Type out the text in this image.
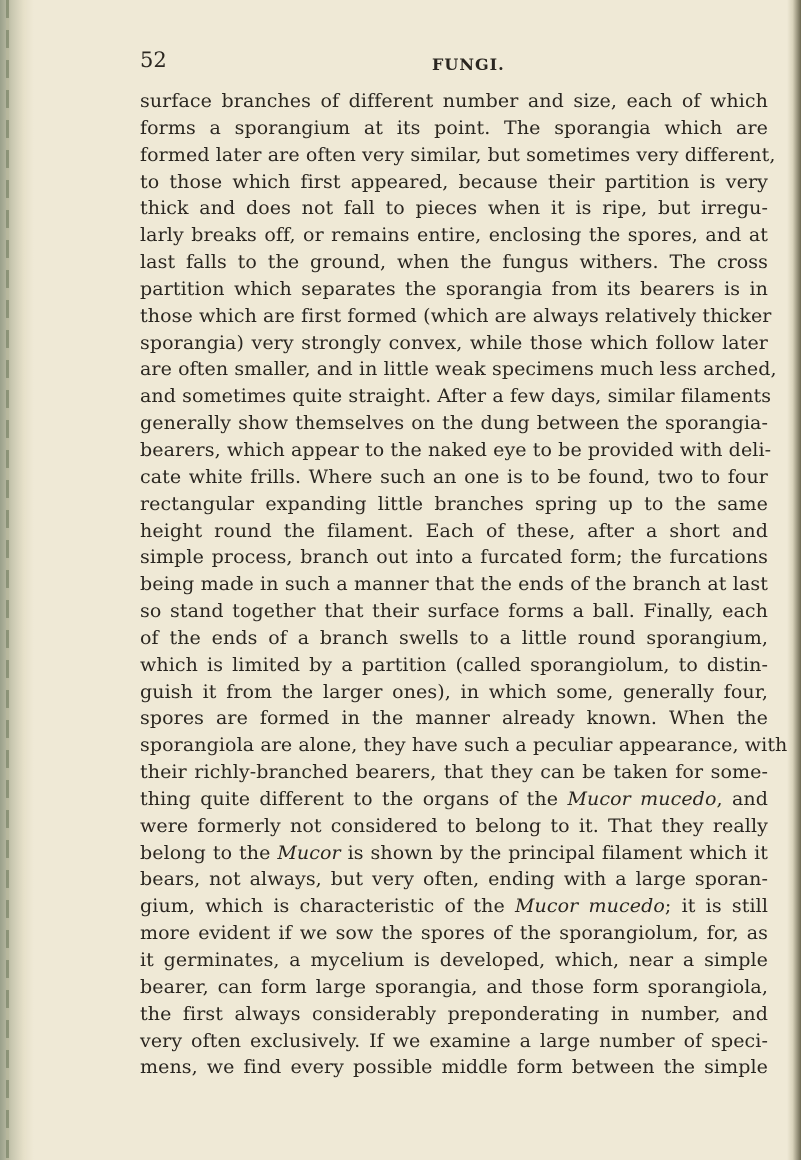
52	FUNGI.
surface branches of different number and size, each of which
forms a sporangium at its point. The sporangia which are
formed later are often very similar, but sometimes very different,
to those which first appeared, because their partition is very
thick and does not fall to pieces when it is ripe, but irregu-
larly breaks off, or remains entire, enclosing the spores, and at
last falls to the ground, when the fungus withers. The cross
partition which separates the sporangia from its bearers is in
those which are first formed (which are always relatively thicker
sporangia) very strongly convex, while those which follow later
are often smaller, and in little weak specimens much less arched,
and sometimes quite straight. After a few days, similar filaments
generally show themselves on the dung between the sporangia-
bearers, which appear to the naked eye to be provided with deli-
cate white frills. Where such an one is to be found, two to four
rectangular expanding little branches spring up to the same
height round the filament. Each of these, after a short and
simple process, branch out into a furcated form; the furcations
being made in such a manner that the ends of the branch at last
so stand together that their surface forms a ball. Finally, each
of the ends of a branch swells to a little round sporangium,
which is limited by a partition (called sporangiolum, to distin-
guish it from the larger ones), in which some, generally four,
spores are formed in the manner already known. When the
sporangiola are alone, they have such a peculiar appearance, with
their richly-branched bearers, that they can be taken for some-
thing quite different to the organs of the Mucor mucedo, and
were formerly not considered to belong to it. That they really
belong to the Mucor is shown by the principal filament which it
bears, not always, but very often, ending with a large sporan-
gium, which is characteristic of the Mucor mucedo; it is still
more evident if we sow the spores of the sporangiolum, for, as
it germinates, a mycelium is developed, which, near a simple
bearer, can form large sporangia, and those form sporangiola,
the first always considerably preponderating in number, and
very often exclusively. If we examine a large number of speci-
mens, we find every possible middle form between the simple
